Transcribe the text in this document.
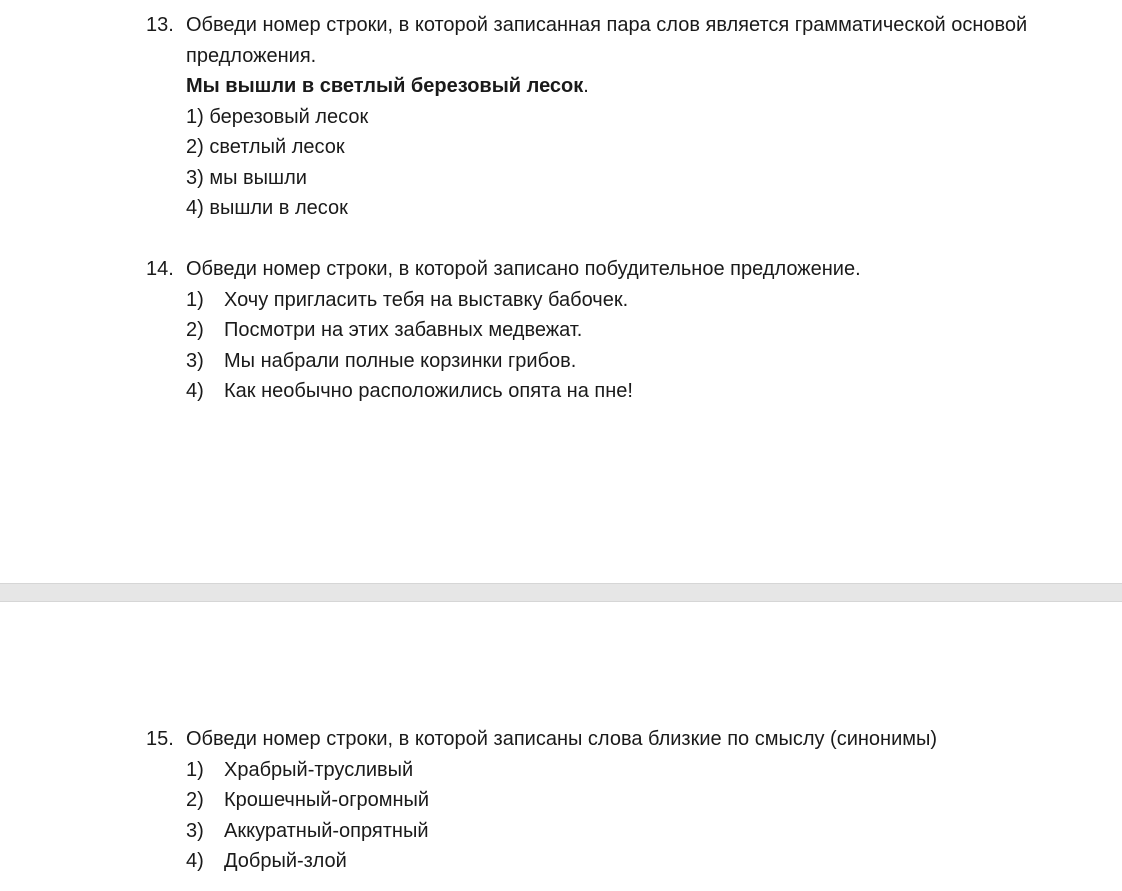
13. Обведи номер строки, в которой записанная пара слов является грамматической основой
предложения.
Мы вышли в светлый березовый лесок.
1) березовый лесок
2) светлый лесок
3) мы вышли
4) вышли в лесок
14. Обведи номер строки, в которой записано побудительное предложение.
1) Хочу пригласить тебя на выставку бабочек.
2) Посмотри на этих забавных медвежат.
3) Мы набрали полные корзинки грибов.
4) Как необычно расположились опята на пне!
15. Обведи номер строки, в которой записаны слова близкие по смыслу (синонимы)
1) Храбрый-трусливый
2) Крошечный-огромный
3) Аккуратный-опрятный
4) Добрый-злой
